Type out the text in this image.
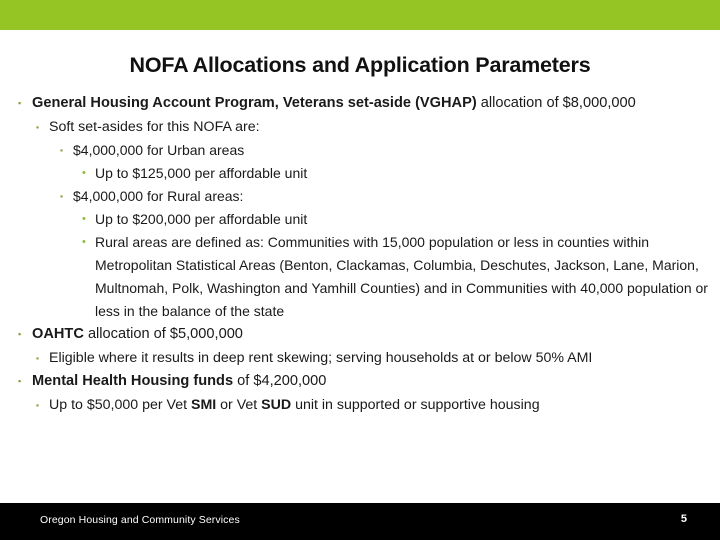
NOFA Allocations and Application Parameters
▪ General Housing Account Program, Veterans set-aside (VGHAP) allocation of $8,000,000
▪ Soft set-asides for this NOFA are:
▪ $4,000,000 for Urban areas
• Up to $125,000 per affordable unit
▪ $4,000,000 for Rural areas:
• Up to $200,000 per affordable unit
• Rural areas are defined as: Communities with 15,000 population or less in counties within Metropolitan Statistical Areas (Benton, Clackamas, Columbia, Deschutes, Jackson, Lane, Marion, Multnomah, Polk, Washington and Yamhill Counties) and in Communities with 40,000 population or less in the balance of the state
▪ OAHTC allocation of $5,000,000
▪ Eligible where it results in deep rent skewing; serving households at or below 50% AMI
▪ Mental Health Housing funds of $4,200,000
▪ Up to $50,000 per Vet SMI or Vet SUD unit in supported or supportive housing
Oregon Housing and Community Services	5
